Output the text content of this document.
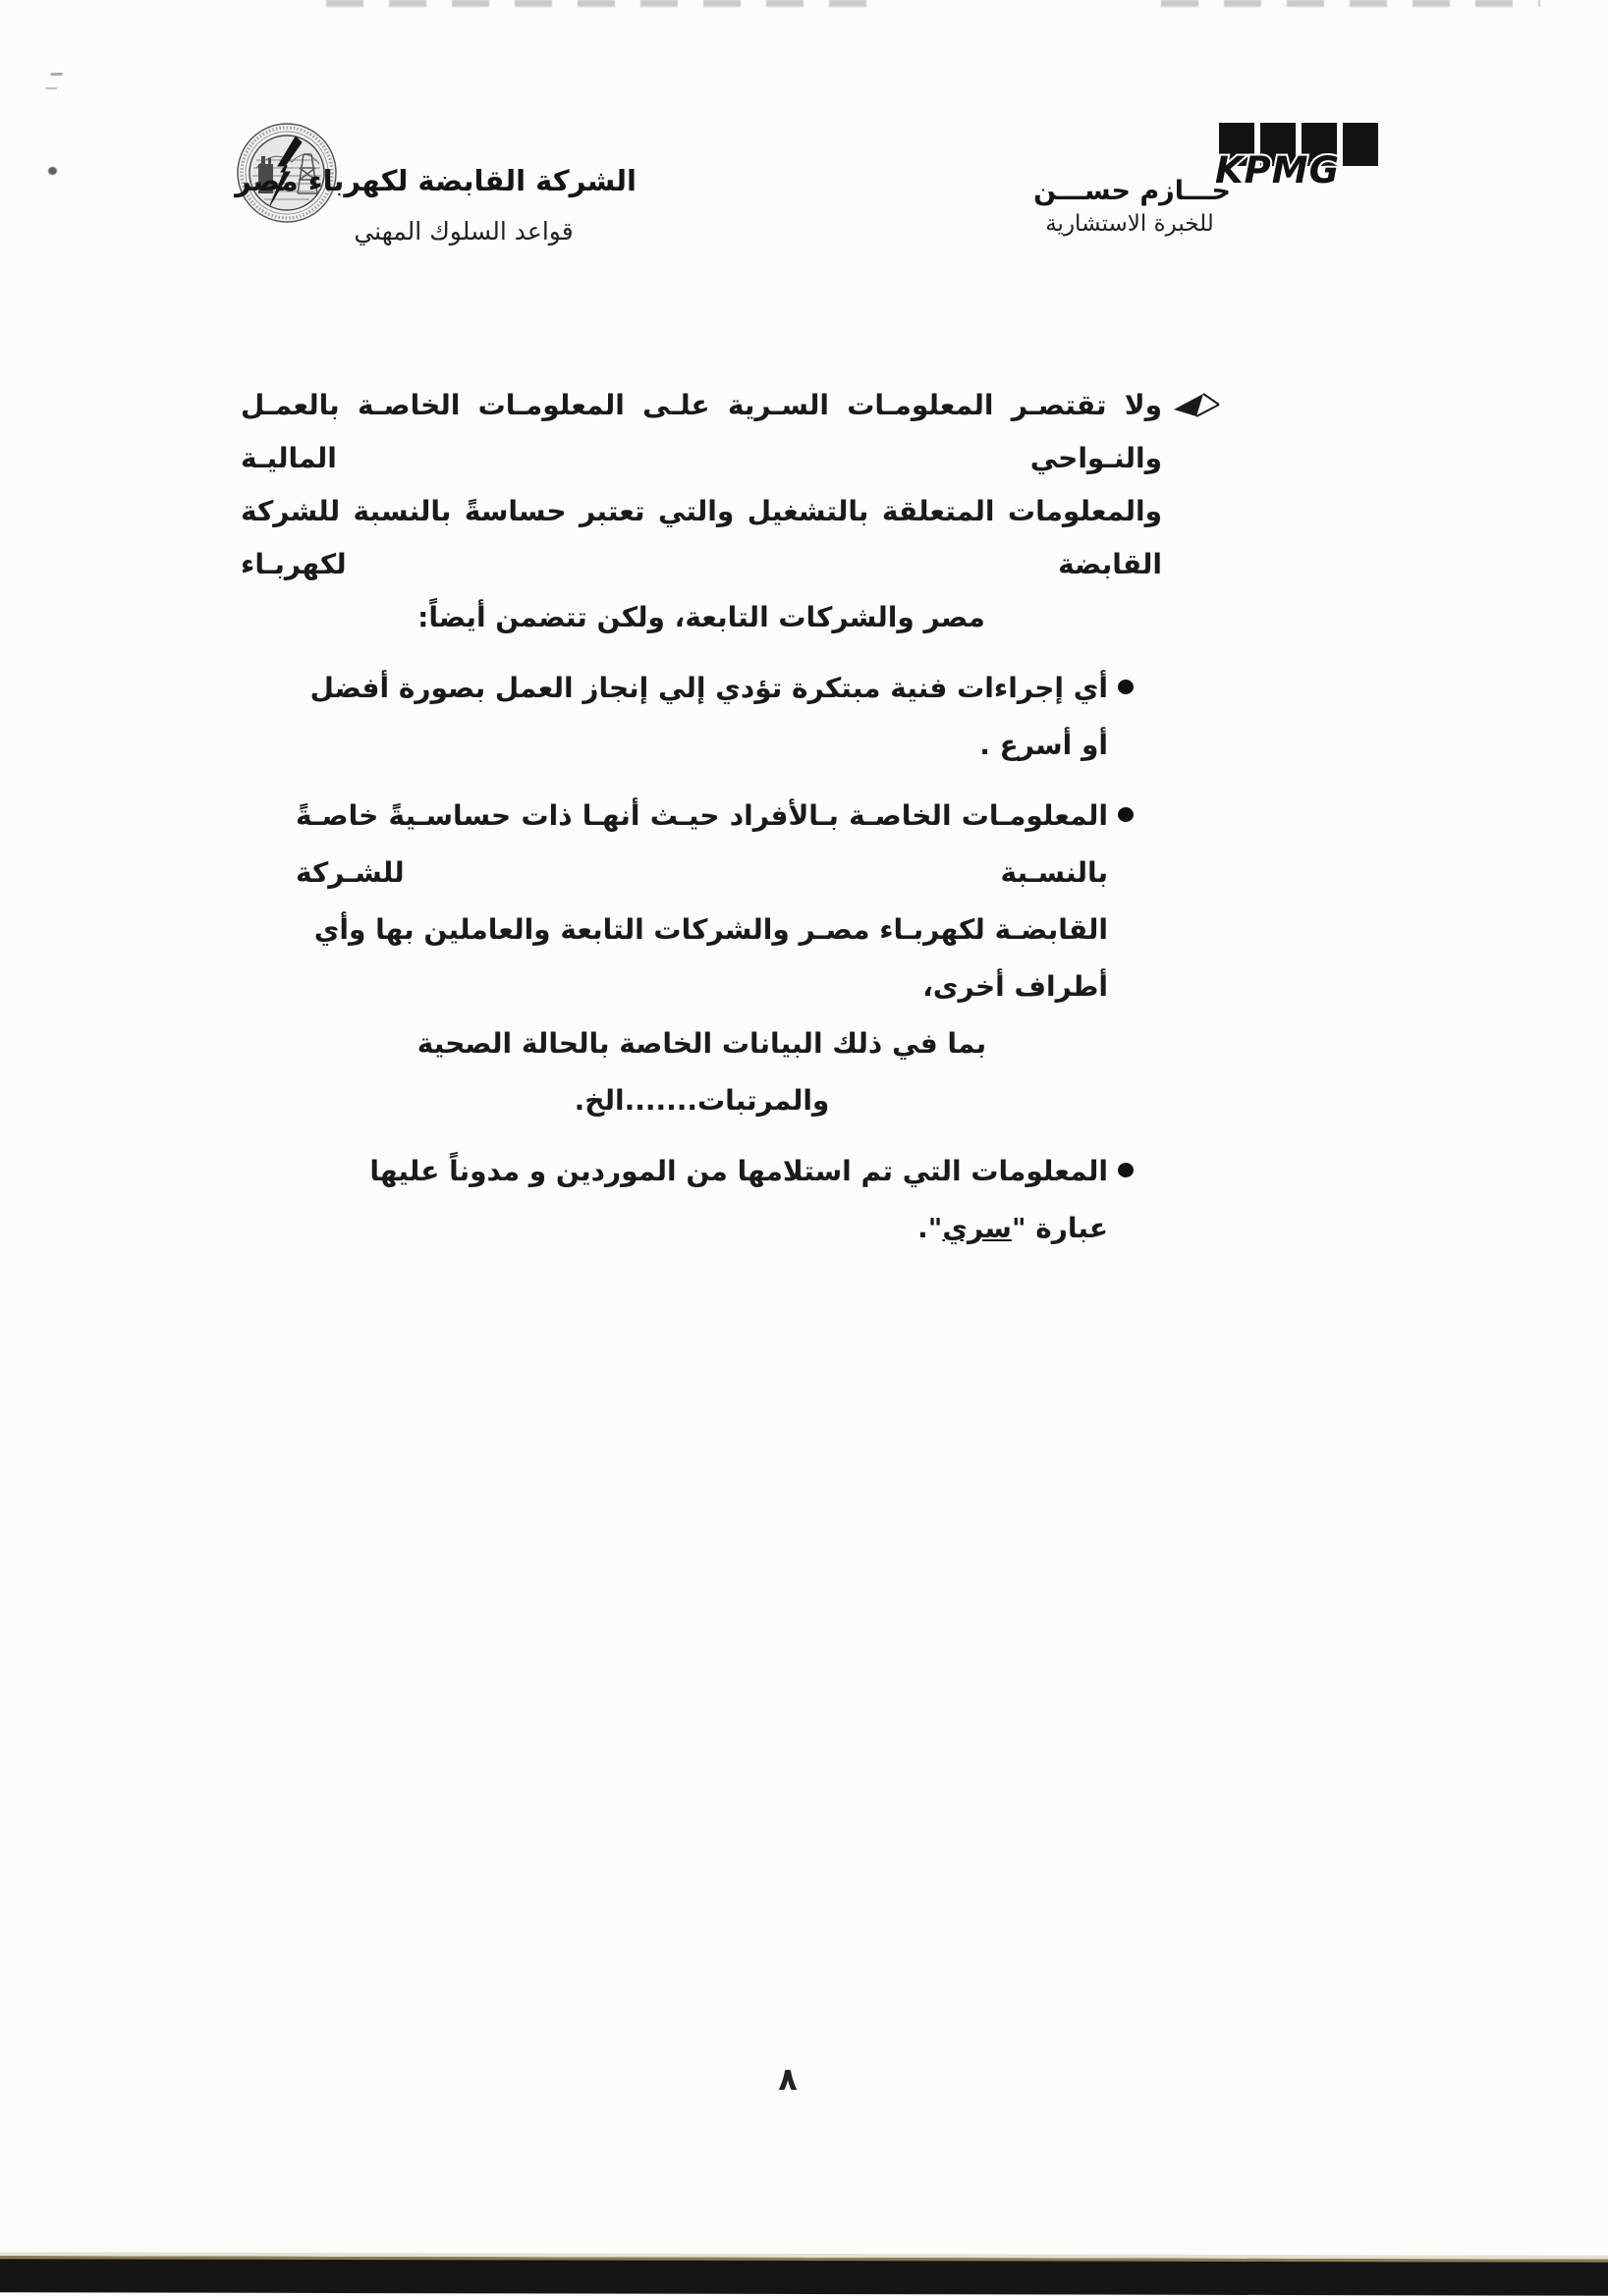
الشركة القابضة لكهرباء مصر
قواعد السلوك المهني
KPMG
حـــازم حســـن
للخبرة الاستشارية
ولا تقتصـر المعلومـات السـرية علـى المعلومـات الخاصـة بالعمـل والنـواحي الماليـة
والمعلومات المتعلقة بالتشغيل والتي تعتبر حساسةً بالنسبة للشركة القابضة لكهربـاء
مصر والشركات التابعة، ولكن تتضمن أيضاً:
أي إجراءات فنية مبتكرة تؤدي إلي إنجاز العمل بصورة أفضل أو أسرع .
المعلومـات الخاصـة بـالأفراد حيـث أنهـا ذات حساسـيةً خاصـةً بالنسـبة للشـركة
القابضـة لكهربـاء مصـر والشركات التابعة والعاملين بها وأي أطراف أخرى،
بما في ذلك البيانات الخاصة بالحالة الصحية والمرتبات.......الخ.
المعلومات التي تم استلامها من الموردين و مدوناً عليها عبارة "سري".
٨
